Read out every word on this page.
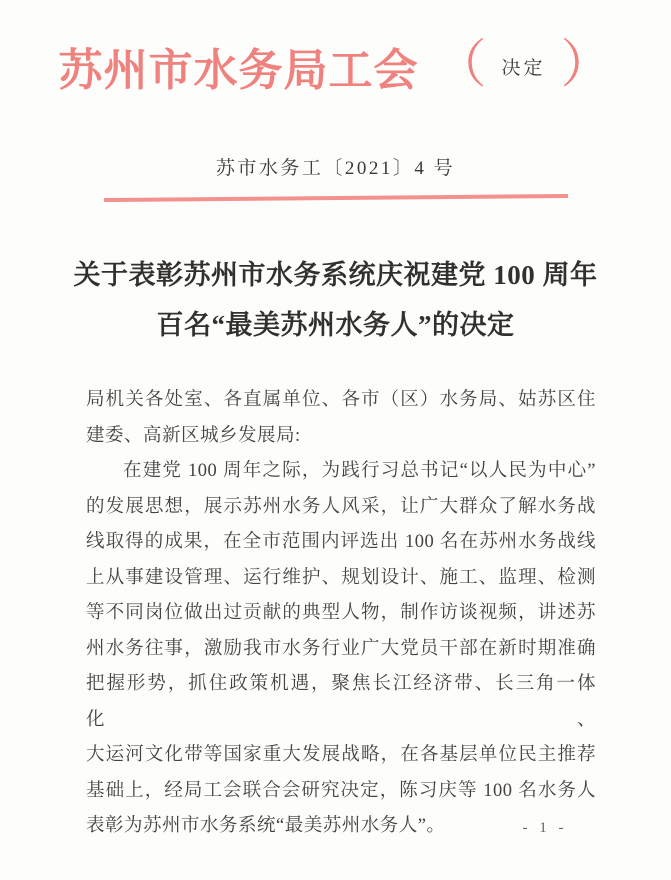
苏州市水务局工会 （ 决定 ）
苏市水务工〔2021〕4 号
关于表彰苏州市水务系统庆祝建党 100 周年
百名“最美苏州水务人”的决定
局机关各处室、各直属单位、各市（区）水务局、姑苏区住
建委、高新区城乡发展局:
在建党 100 周年之际，为践行习总书记“以人民为中心”
的发展思想，展示苏州水务人风采，让广大群众了解水务战
线取得的成果，在全市范围内评选出 100 名在苏州水务战线
上从事建设管理、运行维护、规划设计、施工、监理、检测
等不同岗位做出过贡献的典型人物，制作访谈视频，讲述苏
州水务往事，激励我市水务行业广大党员干部在新时期准确
把握形势，抓住政策机遇，聚焦长江经济带、长三角一体化、
大运河文化带等国家重大发展战略，在各基层单位民主推荐
基础上，经局工会联合会研究决定，陈习庆等 100 名水务人
表彰为苏州市水务系统“最美苏州水务人”。	- 1 -
